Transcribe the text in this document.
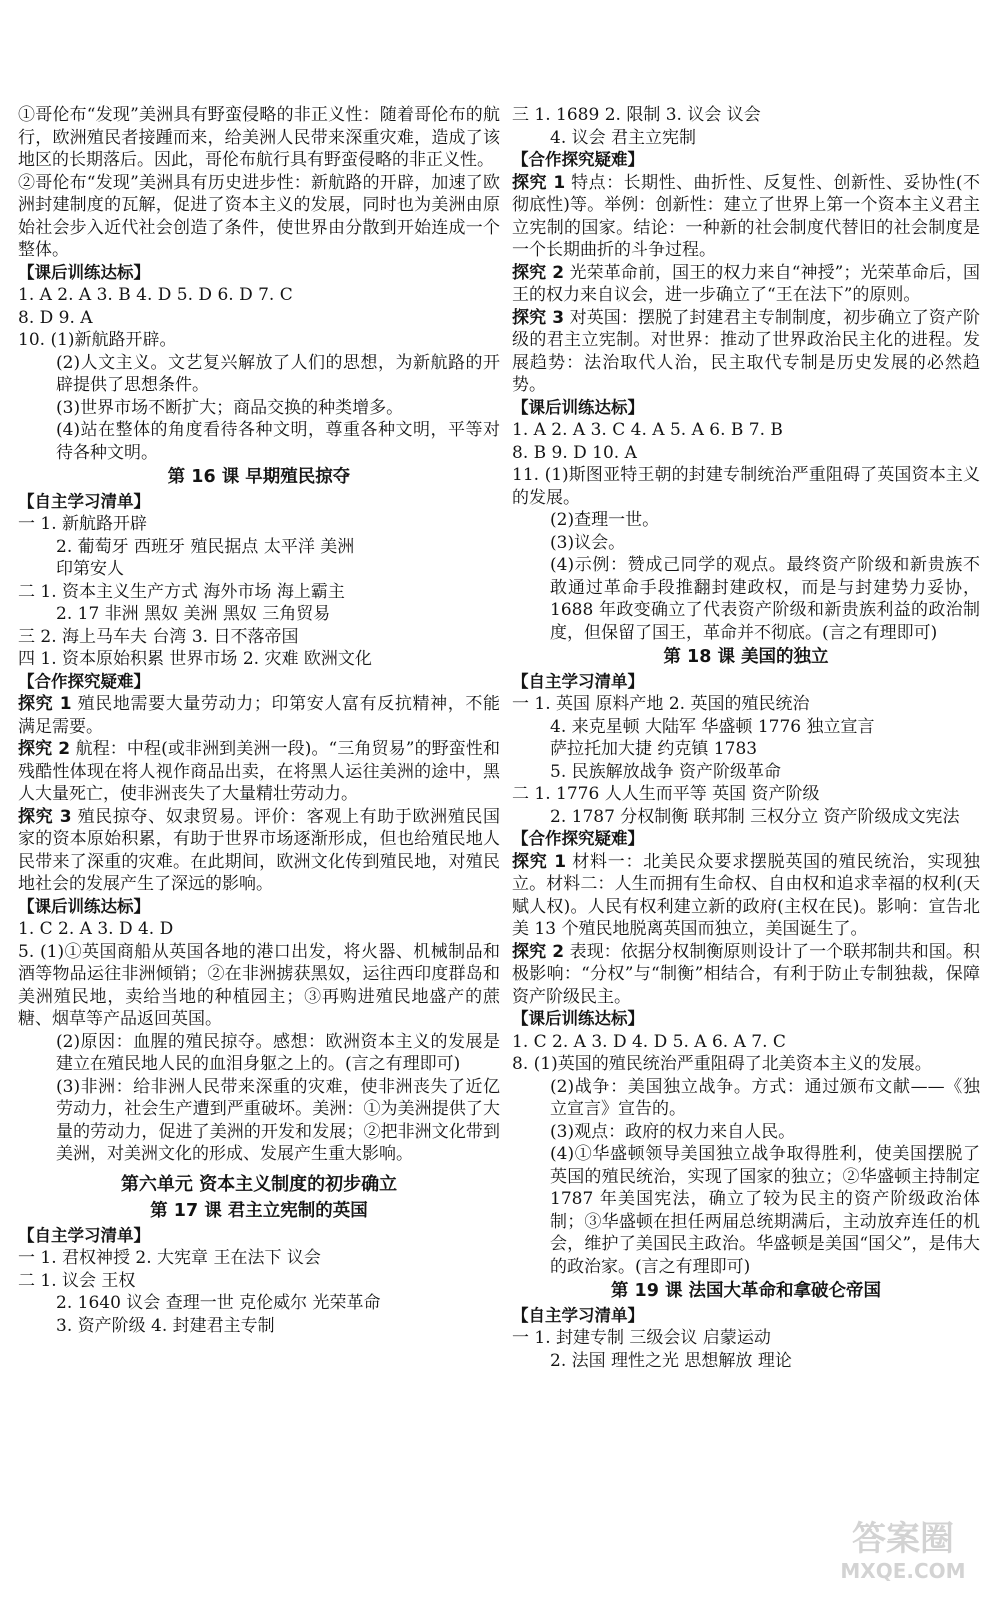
①哥伦布“发现”美洲具有野蛮侵略的非正义性：随着哥伦布的航行，欧洲殖民者接踵而来，给美洲人民带来深重灾难，造成了该地区的长期落后。因此，哥伦布航行具有野蛮侵略的非正义性。

②哥伦布“发现”美洲具有历史进步性：新航路的开辟，加速了欧洲封建制度的瓦解，促进了资本主义的发展，同时也为美洲由原始社会步入近代社会创造了条件，使世界由分散到开始连成一个整体。

【课后训练达标】

1. A 2. A 3. B 4. D 5. D 6. D 7. C

8. D 9. A

10. (1)新航路开辟。

(2)人文主义。文艺复兴解放了人们的思想，为新航路的开辟提供了思想条件。

(3)世界市场不断扩大；商品交换的种类增多。

(4)站在整体的角度看待各种文明，尊重各种文明，平等对待各种文明。

第 16 课 早期殖民掠夺

【自主学习清单】

一 1. 新航路开辟

2. 葡萄牙 西班牙 殖民据点 太平洋 美洲

印第安人

二 1. 资本主义生产方式 海外市场 海上霸主

2. 17 非洲 黑奴 美洲 黑奴 三角贸易

三 2. 海上马车夫 台湾 3. 日不落帝国

四 1. 资本原始积累 世界市场 2. 灾难 欧洲文化

【合作探究疑难】

探究 1 殖民地需要大量劳动力；印第安人富有反抗精神，不能满足需要。

探究 2 航程：中程(或非洲到美洲一段)。“三角贸易”的野蛮性和残酷性体现在将人视作商品出卖，在将黑人运往美洲的途中，黑人大量死亡，使非洲丧失了大量精壮劳动力。

探究 3 殖民掠夺、奴隶贸易。评价：客观上有助于欧洲殖民国家的资本原始积累，有助于世界市场逐渐形成，但也给殖民地人民带来了深重的灾难。在此期间，欧洲文化传到殖民地，对殖民地社会的发展产生了深远的影响。

【课后训练达标】

1. C 2. A 3. D 4. D

5. (1)①英国商船从英国各地的港口出发，将火器、机械制品和酒等物品运往非洲倾销；②在非洲掳获黑奴，运往西印度群岛和美洲殖民地，卖给当地的种植园主；③再购进殖民地盛产的蔗糖、烟草等产品返回英国。

(2)原因：血腥的殖民掠夺。感想：欧洲资本主义的发展是建立在殖民地人民的血泪身躯之上的。(言之有理即可)

(3)非洲：给非洲人民带来深重的灾难，使非洲丧失了近亿劳动力，社会生产遭到严重破坏。美洲：①为美洲提供了大量的劳动力，促进了美洲的开发和发展；②把非洲文化带到美洲，对美洲文化的形成、发展产生重大影响。

第六单元 资本主义制度的初步确立

第 17 课 君主立宪制的英国

【自主学习清单】

一 1. 君权神授 2. 大宪章 王在法下 议会

二 1. 议会 王权

2. 1640 议会 查理一世 克伦威尔 光荣革命

3. 资产阶级 4. 封建君主专制

三 1. 1689 2. 限制 3. 议会 议会

4. 议会 君主立宪制

【合作探究疑难】

探究 1 特点：长期性、曲折性、反复性、创新性、妥协性(不彻底性)等。举例：创新性：建立了世界上第一个资本主义君主立宪制的国家。结论：一种新的社会制度代替旧的社会制度是一个长期曲折的斗争过程。

探究 2 光荣革命前，国王的权力来自“神授”；光荣革命后，国王的权力来自议会，进一步确立了“王在法下”的原则。

探究 3 对英国：摆脱了封建君主专制制度，初步确立了资产阶级的君主立宪制。对世界：推动了世界政治民主化的进程。发展趋势：法治取代人治，民主取代专制是历史发展的必然趋势。

【课后训练达标】

1. A 2. A 3. C 4. A 5. A 6. B 7. B

8. B 9. D 10. A

11. (1)斯图亚特王朝的封建专制统治严重阻碍了英国资本主义的发展。

(2)查理一世。

(3)议会。

(4)示例：赞成己同学的观点。最终资产阶级和新贵族不敢通过革命手段推翻封建政权，而是与封建势力妥协，1688 年政变确立了代表资产阶级和新贵族利益的政治制度，但保留了国王，革命并不彻底。(言之有理即可)

第 18 课 美国的独立

【自主学习清单】

一 1. 英国 原料产地 2. 英国的殖民统治

4. 来克星顿 大陆军 华盛顿 1776 独立宣言

萨拉托加大捷 约克镇 1783

5. 民族解放战争 资产阶级革命

二 1. 1776 人人生而平等 英国 资产阶级

2. 1787 分权制衡 联邦制 三权分立 资产阶级成文宪法

【合作探究疑难】

探究 1 材料一：北美民众要求摆脱英国的殖民统治，实现独立。材料二：人生而拥有生命权、自由权和追求幸福的权利(天赋人权)。人民有权利建立新的政府(主权在民)。影响：宣告北美 13 个殖民地脱离英国而独立，美国诞生了。

探究 2 表现：依据分权制衡原则设计了一个联邦制共和国。积极影响：“分权”与“制衡”相结合，有利于防止专制独裁，保障资产阶级民主。

【课后训练达标】

1. C 2. A 3. D 4. D 5. A 6. A 7. C

8. (1)英国的殖民统治严重阻碍了北美资本主义的发展。

(2)战争：美国独立战争。方式：通过颁布文献——《独立宣言》宣告的。

(3)观点：政府的权力来自人民。

(4)①华盛顿领导美国独立战争取得胜利，使美国摆脱了英国的殖民统治，实现了国家的独立；②华盛顿主持制定 1787 年美国宪法，确立了较为民主的资产阶级政治体制；③华盛顿在担任两届总统期满后，主动放弃连任的机会，维护了美国民主政治。华盛顿是美国“国父”，是伟大的政治家。(言之有理即可)

第 19 课 法国大革命和拿破仑帝国

【自主学习清单】

一 1. 封建专制 三级会议 启蒙运动

2. 法国 理性之光 思想解放 理论

答案圈
MXQE.COM
